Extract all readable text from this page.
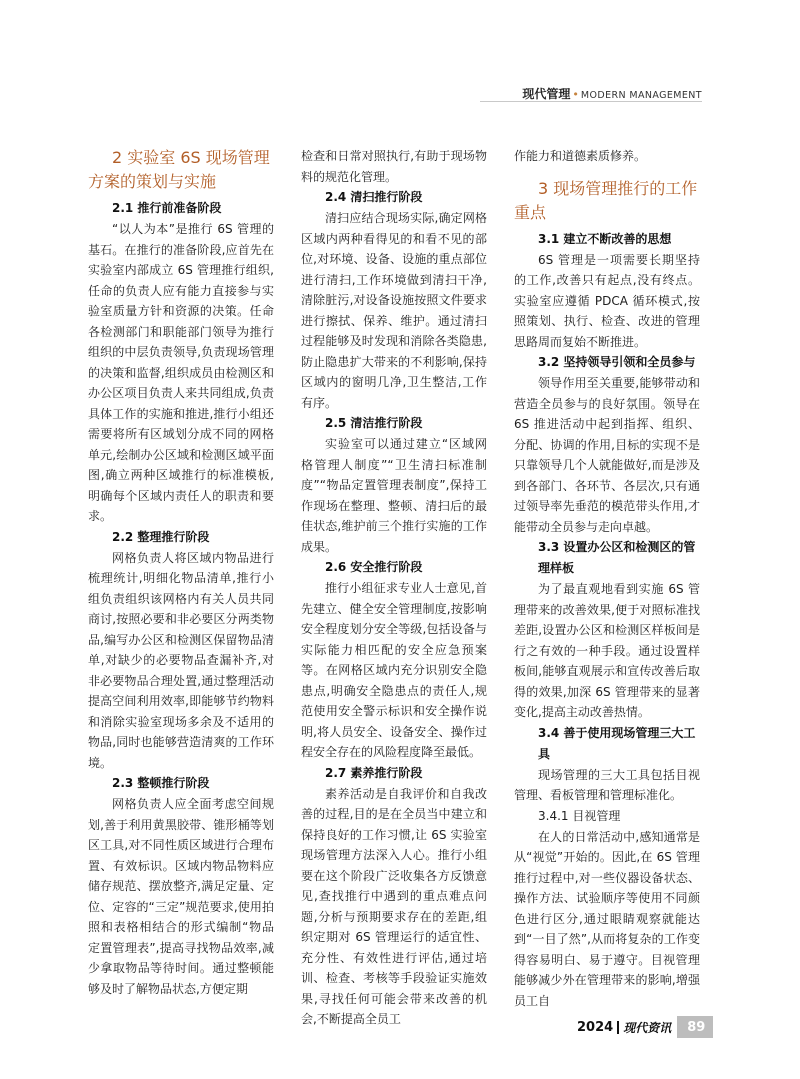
现代管理 • MODERN MANAGEMENT
2 实验室 6S 现场管理方案的策划与实施
2.1 推行前准备阶段

“以人为本”是推行 6S 管理的基石。在推行的准备阶段,应首先在实验室内部成立 6S 管理推行组织,任命的负责人应有能力直接参与实验室质量方针和资源的决策。任命各检测部门和职能部门领导为推行组织的中层负责领导,负责现场管理的决策和监督,组织成员由检测区和办公区项目负责人来共同组成,负责具体工作的实施和推进,推行小组还需要将所有区域划分成不同的网格单元,绘制办公区域和检测区域平面图,确立两种区域推行的标准模板,明确每个区域内责任人的职责和要求。

2.2 整理推行阶段

网格负责人将区域内物品进行梳理统计,明细化物品清单,推行小组负责组织该网格内有关人员共同商讨,按照必要和非必要区分两类物品,编写办公区和检测区保留物品清单,对缺少的必要物品查漏补齐,对非必要物品合理处置,通过整理活动提高空间利用效率,即能够节约物料和消除实验室现场多余及不适用的物品,同时也能够营造清爽的工作环境。

2.3 整顿推行阶段

网格负责人应全面考虑空间规划,善于利用黄黑胶带、锥形桶等划区工具,对不同性质区域进行合理布置、有效标识。区域内物品物料应储存规范、摆放整齐,满足定量、定位、定容的“三定”规范要求,使用拍照和表格相结合的形式编制“物品定置管理表”,提高寻找物品效率,减少拿取物品等待时间。通过整顿能够及时了解物品状态,方便定期

检查和日常对照执行,有助于现场物料的规范化管理。

2.4 清扫推行阶段

清扫应结合现场实际,确定网格区域内两种看得见的和看不见的部位,对环境、设备、设施的重点部位进行清扫,工作环境做到清扫干净,清除脏污,对设备设施按照文件要求进行擦拭、保养、维护。通过清扫过程能够及时发现和消除各类隐患,防止隐患扩大带来的不利影响,保持区域内的窗明几净,卫生整洁,工作有序。

2.5 清洁推行阶段

实验室可以通过建立“区域网格管理人制度”“卫生清扫标准制度”“物品定置管理表制度”,保持工作现场在整理、整顿、清扫后的最佳状态,维护前三个推行实施的工作成果。

2.6 安全推行阶段

推行小组征求专业人士意见,首先建立、健全安全管理制度,按影响安全程度划分安全等级,包括设备与实际能力相匹配的安全应急预案等。在网格区域内充分识别安全隐患点,明确安全隐患点的责任人,规范使用安全警示标识和安全操作说明,将人员安全、设备安全、操作过程安全存在的风险程度降至最低。

2.7 素养推行阶段

素养活动是自我评价和自我改善的过程,目的是在全员当中建立和保持良好的工作习惯,让 6S 实验室现场管理方法深入人心。推行小组要在这个阶段广泛收集各方反馈意见,查找推行中遇到的重点难点问题,分析与预期要求存在的差距,组织定期对 6S 管理运行的适宜性、充分性、有效性进行评估,通过培训、检查、考核等手段验证实施效果,寻找任何可能会带来改善的机会,不断提高全员工

作能力和道德素质修养。

3 现场管理推行的工作重点
3.1 建立不断改善的思想

6S 管理是一项需要长期坚持的工作,改善只有起点,没有终点。实验室应遵循 PDCA 循环模式,按照策划、执行、检查、改进的管理思路周而复始不断推进。

3.2 坚持领导引领和全员参与

领导作用至关重要,能够带动和营造全员参与的良好氛围。领导在 6S 推进活动中起到指挥、组织、分配、协调的作用,目标的实现不是只靠领导几个人就能做好,而是涉及到各部门、各环节、各层次,只有通过领导率先垂范的模范带头作用,才能带动全员参与走向卓越。

3.3 设置办公区和检测区的管理样板

为了最直观地看到实施 6S 管理带来的改善效果,便于对照标准找差距,设置办公区和检测区样板间是行之有效的一种手段。通过设置样板间,能够直观展示和宣传改善后取得的效果,加深 6S 管理带来的显著变化,提高主动改善热情。

3.4 善于使用现场管理三大工具

现场管理的三大工具包括目视管理、看板管理和管理标准化。

3.4.1 目视管理

在人的日常活动中,感知通常是从“视觉”开始的。因此,在 6S 管理推行过程中,对一些仪器设备状态、操作方法、试验顺序等使用不同颜色进行区分,通过眼睛观察就能达到“一目了然”,从而将复杂的工作变得容易明白、易于遵守。目视管理能够减少外在管理带来的影响,增强员工自

2024 现代资讯	89
